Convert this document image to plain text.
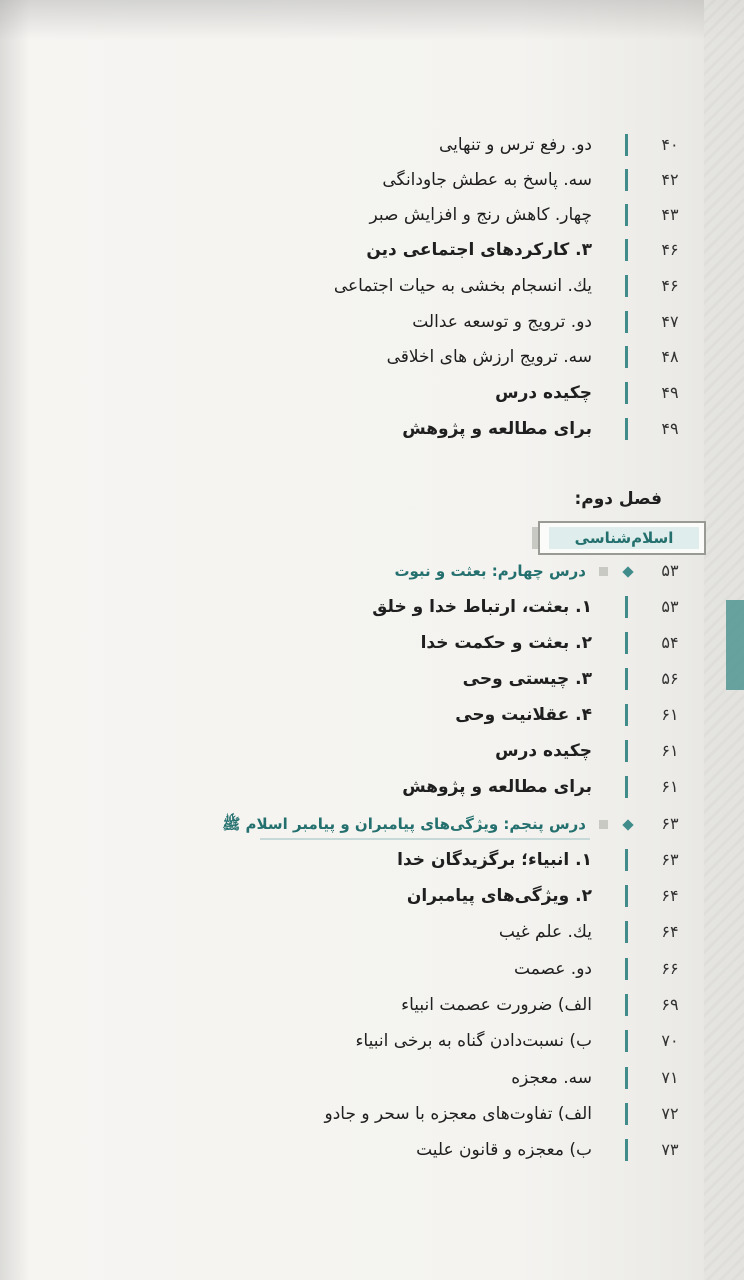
۴۰
دو. رفع ترس و تنهایی
۴۲
سه. پاسخ به عطش جاودانگی
۴۳
چهار. کاهش رنج و افزایش صبر
۴۶
۳. کارکردهای اجتماعی دین
۴۶
یك. انسجام بخشی به حیات اجتماعی
۴۷
دو. ترویج و توسعه عدالت
۴۸
سه. ترویج ارزش های اخلاقی
۴۹
چکیده درس
۴۹
برای مطالعه و پژوهش
فصل دوم:
اسلام‌شناسی
۵۳
درس چهارم: بعثت و نبوت
۵۳
۱. بعثت، ارتباط خدا و خلق
۵۴
۲. بعثت و حکمت خدا
۵۶
۳. چیستی وحی
۶۱
۴. عقلانیت وحی
۶۱
چکیده درس
۶۱
برای مطالعه و پژوهش
۶۳
درس پنجم: ویژگی‌های پیامبران و پیامبر اسلام ﷺ
۶۳
۱. انبیاء؛ برگزیدگان خدا
۶۴
۲. ویژگی‌های پیامبران
۶۴
یك. علم غیب
۶۶
دو. عصمت
۶۹
الف) ضرورت عصمت انبیاء
۷۰
ب) نسبت‌دادن گناه به برخی انبیاء
۷۱
سه. معجزه
۷۲
الف) تفاوت‌های معجزه با سحر و جادو
۷۳
ب) معجزه و قانون علیت
